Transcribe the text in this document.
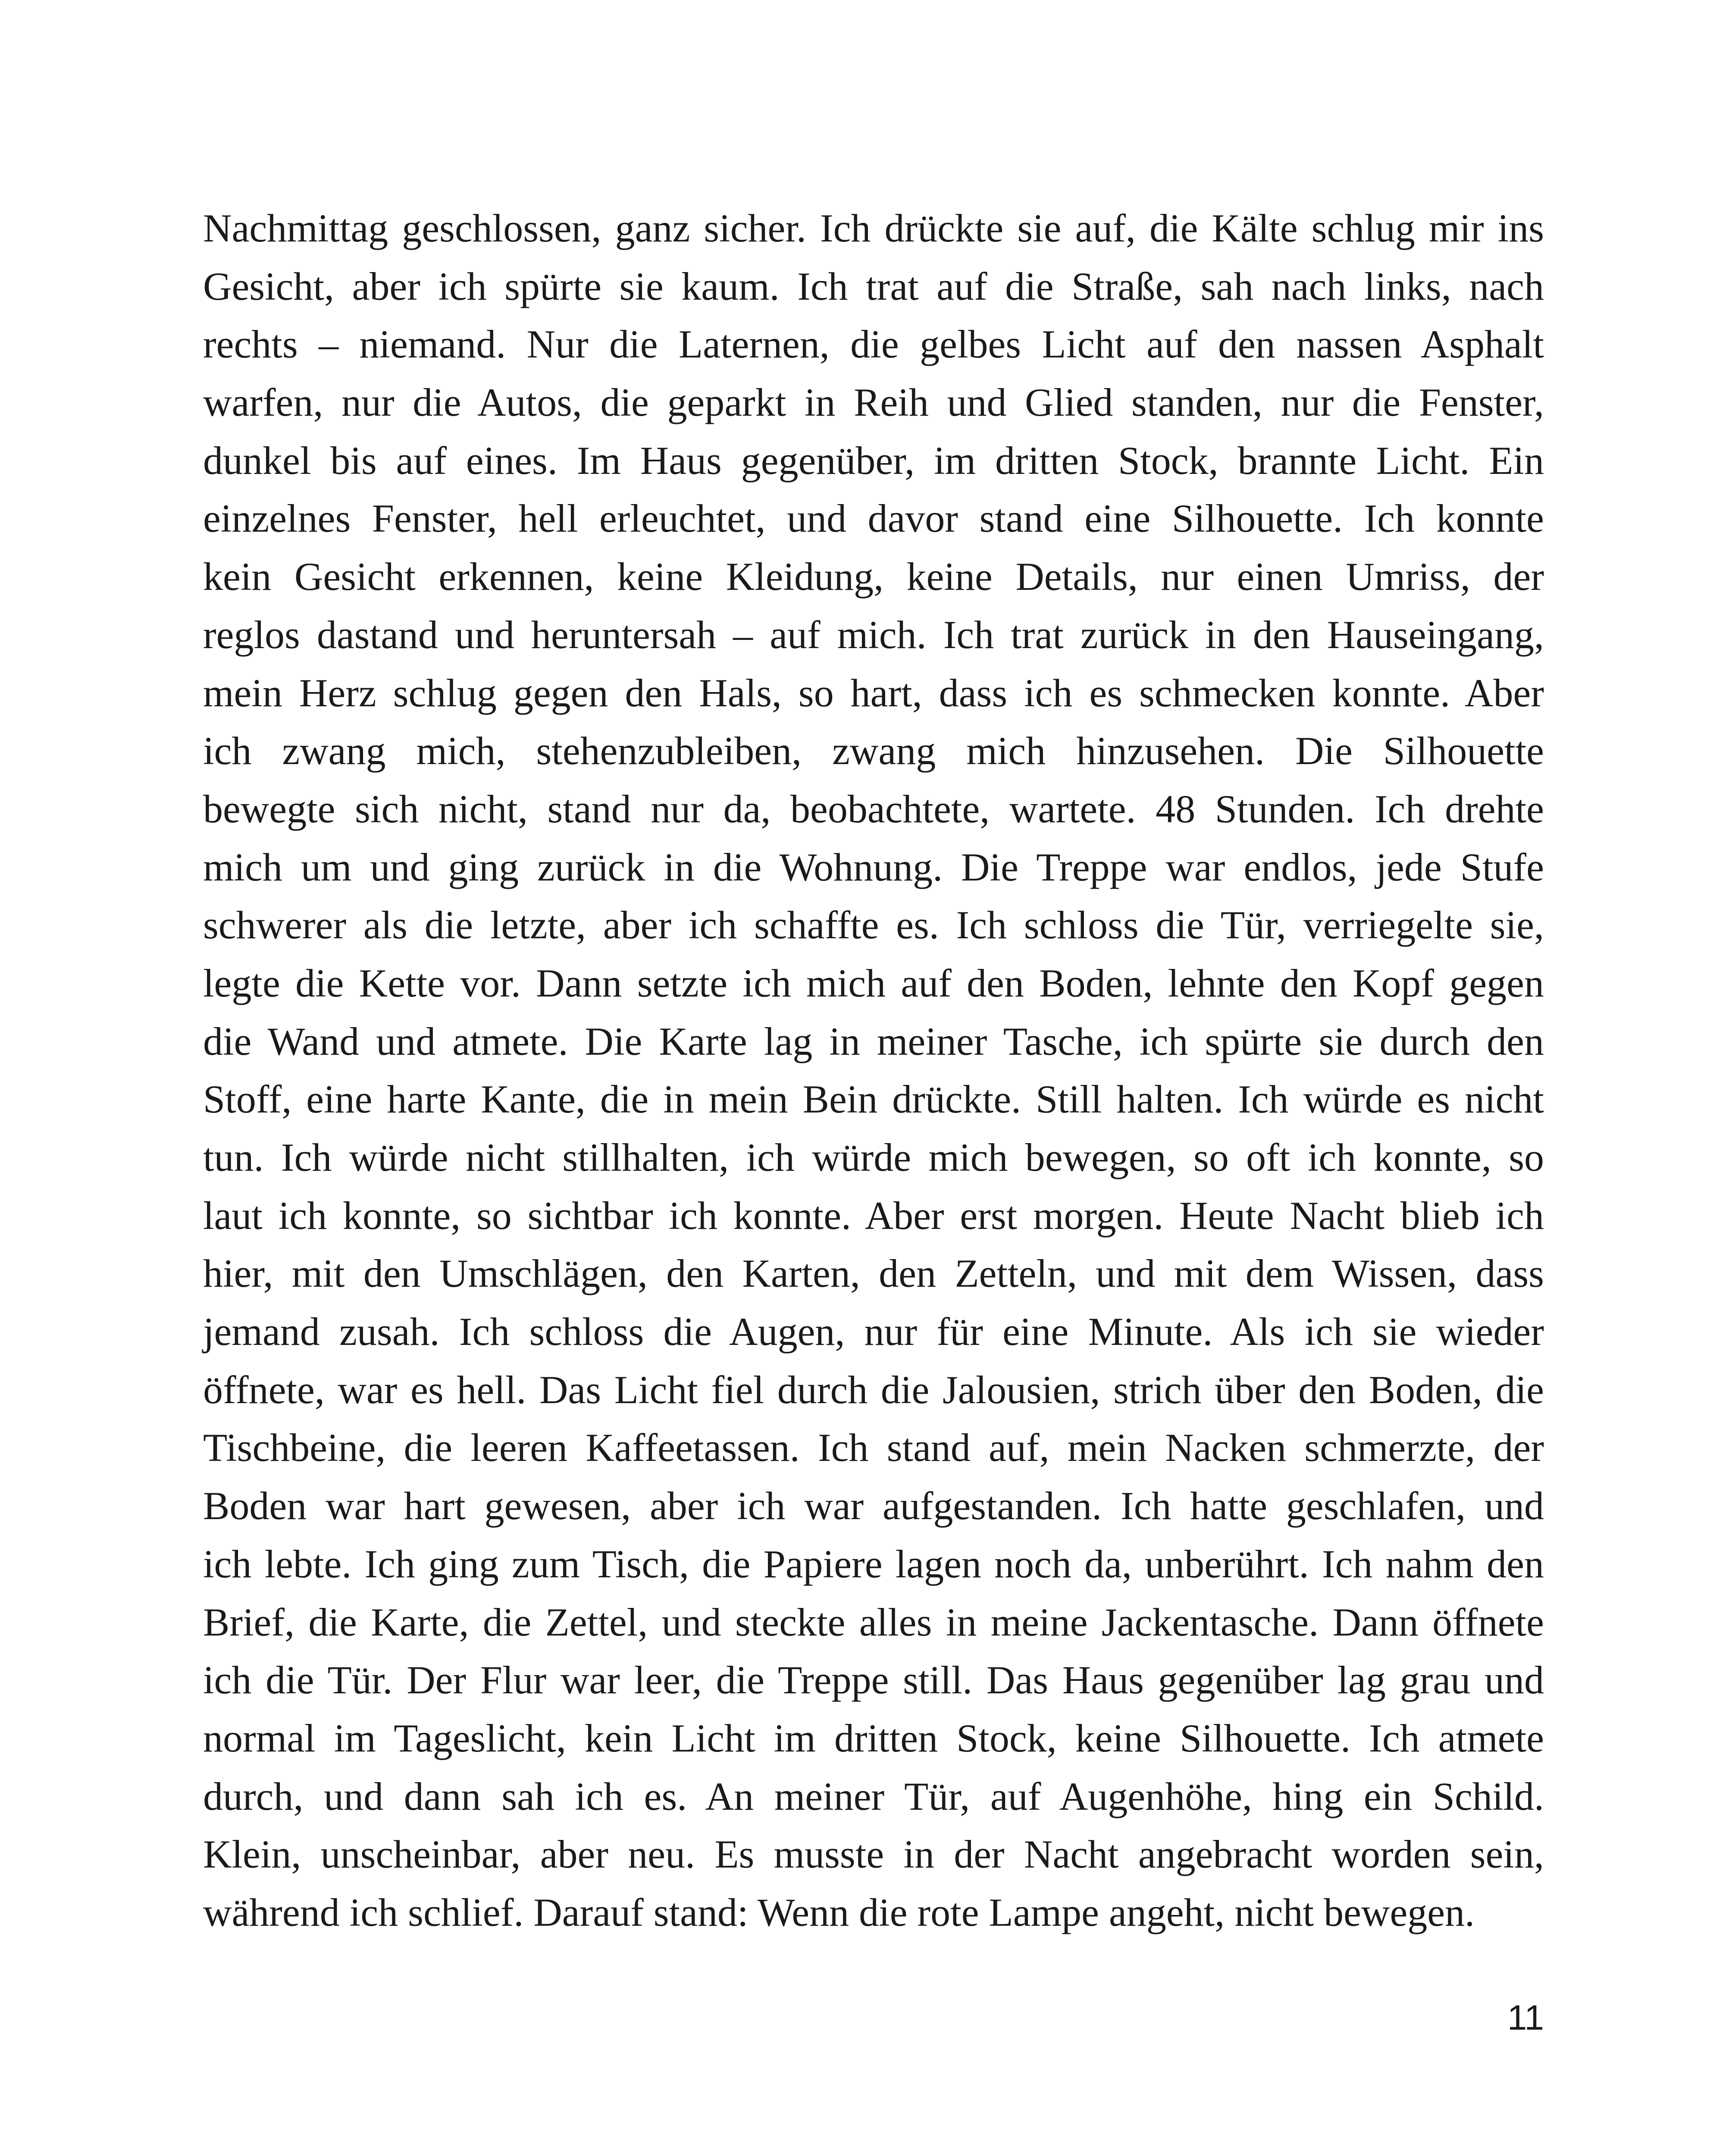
Nachmittag geschlossen, ganz sicher. Ich drückte sie auf, die Kälte schlug mir ins
Gesicht, aber ich spürte sie kaum. Ich trat auf die Straße, sah nach links, nach
rechts – niemand. Nur die Laternen, die gelbes Licht auf den nassen Asphalt
warfen, nur die Autos, die geparkt in Reih und Glied standen, nur die Fenster,
dunkel bis auf eines. Im Haus gegenüber, im dritten Stock, brannte Licht. Ein
einzelnes Fenster, hell erleuchtet, und davor stand eine Silhouette. Ich konnte
kein Gesicht erkennen, keine Kleidung, keine Details, nur einen Umriss, der
reglos dastand und heruntersah – auf mich. Ich trat zurück in den Hauseingang,
mein Herz schlug gegen den Hals, so hart, dass ich es schmecken konnte. Aber
ich zwang mich, stehenzubleiben, zwang mich hinzusehen. Die Silhouette
bewegte sich nicht, stand nur da, beobachtete, wartete. 48 Stunden. Ich drehte
mich um und ging zurück in die Wohnung. Die Treppe war endlos, jede Stufe
schwerer als die letzte, aber ich schaffte es. Ich schloss die Tür, verriegelte sie,
legte die Kette vor. Dann setzte ich mich auf den Boden, lehnte den Kopf gegen
die Wand und atmete. Die Karte lag in meiner Tasche, ich spürte sie durch den
Stoff, eine harte Kante, die in mein Bein drückte. Still halten. Ich würde es nicht
tun. Ich würde nicht stillhalten, ich würde mich bewegen, so oft ich konnte, so
laut ich konnte, so sichtbar ich konnte. Aber erst morgen. Heute Nacht blieb ich
hier, mit den Umschlägen, den Karten, den Zetteln, und mit dem Wissen, dass
jemand zusah. Ich schloss die Augen, nur für eine Minute. Als ich sie wieder
öffnete, war es hell. Das Licht fiel durch die Jalousien, strich über den Boden, die
Tischbeine, die leeren Kaffeetassen. Ich stand auf, mein Nacken schmerzte, der
Boden war hart gewesen, aber ich war aufgestanden. Ich hatte geschlafen, und
ich lebte. Ich ging zum Tisch, die Papiere lagen noch da, unberührt. Ich nahm den
Brief, die Karte, die Zettel, und steckte alles in meine Jackentasche. Dann öffnete
ich die Tür. Der Flur war leer, die Treppe still. Das Haus gegenüber lag grau und
normal im Tageslicht, kein Licht im dritten Stock, keine Silhouette. Ich atmete
durch, und dann sah ich es. An meiner Tür, auf Augenhöhe, hing ein Schild.
Klein, unscheinbar, aber neu. Es musste in der Nacht angebracht worden sein,
während ich schlief. Darauf stand: Wenn die rote Lampe angeht, nicht bewegen.
11
